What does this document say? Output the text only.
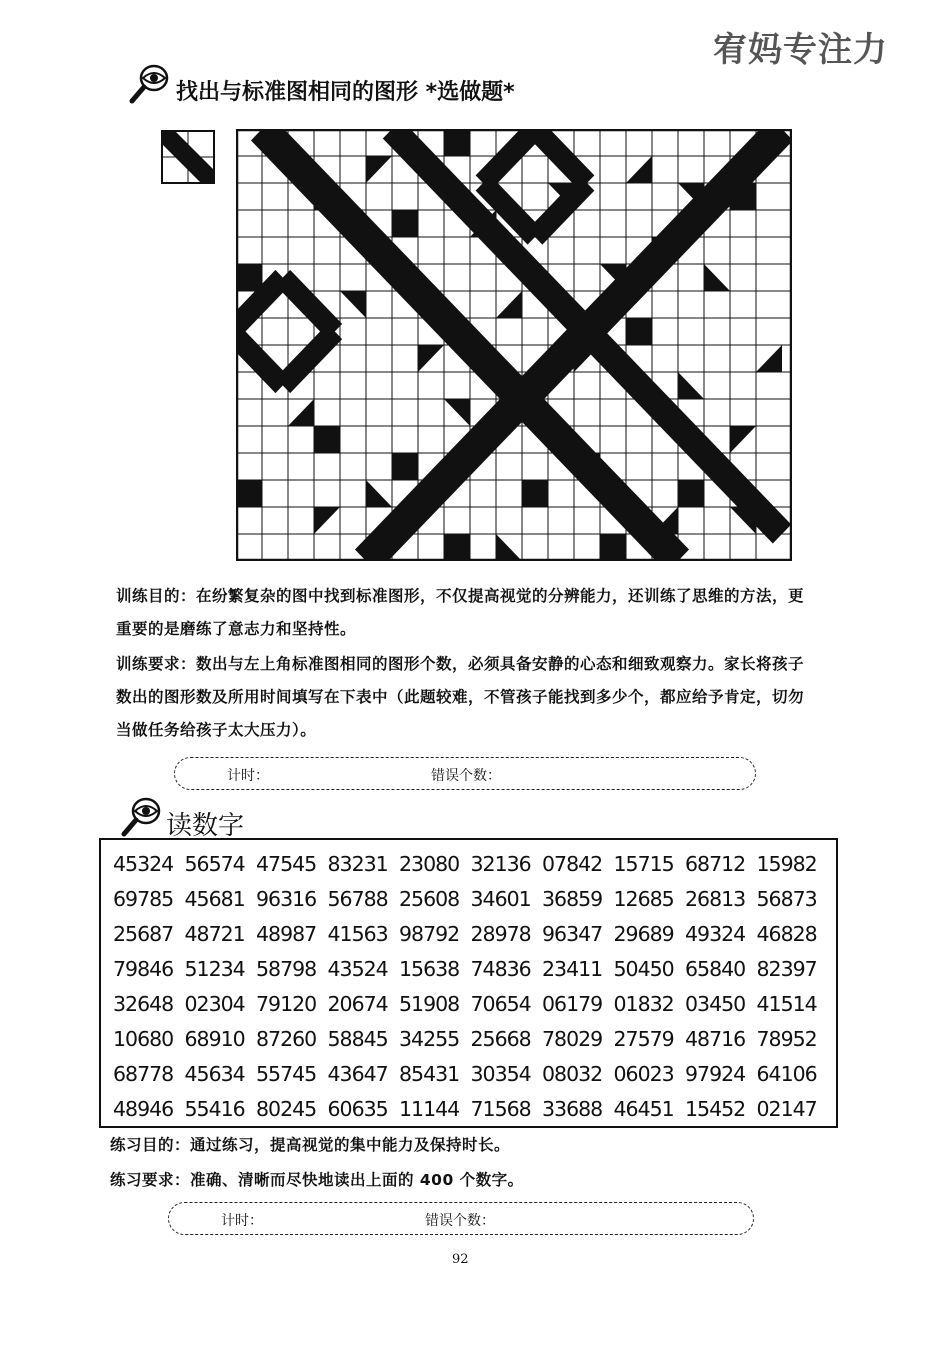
宥妈专注力
找出与标准图相同的图形 *选做题*
训练目的：在纷繁复杂的图中找到标准图形，不仅提高视觉的分辨能力，还训练了思维的方法，更重要的是磨练了意志力和坚持性。
训练要求：数出与左上角标准图相同的图形个数，必须具备安静的心态和细致观察力。家长将孩子数出的图形数及所用时间填写在下表中（此题较难，不管孩子能找到多少个，都应给予肯定，切勿当做任务给孩子太大压力）。
计时：	错误个数：
读数字
45324 56574 47545 83231 23080 32136 07842 15715 68712 15982
69785 45681 96316 56788 25608 34601 36859 12685 26813 56873
25687 48721 48987 41563 98792 28978 96347 29689 49324 46828
79846 51234 58798 43524 15638 74836 23411 50450 65840 82397
32648 02304 79120 20674 51908 70654 06179 01832 03450 41514
10680 68910 87260 58845 34255 25668 78029 27579 48716 78952
68778 45634 55745 43647 85431 30354 08032 06023 97924 64106
48946 55416 80245 60635 11144 71568 33688 46451 15452 02147
练习目的：通过练习，提高视觉的集中能力及保持时长。
练习要求：准确、清晰而尽快地读出上面的 400 个数字。
计时：	错误个数：
92
